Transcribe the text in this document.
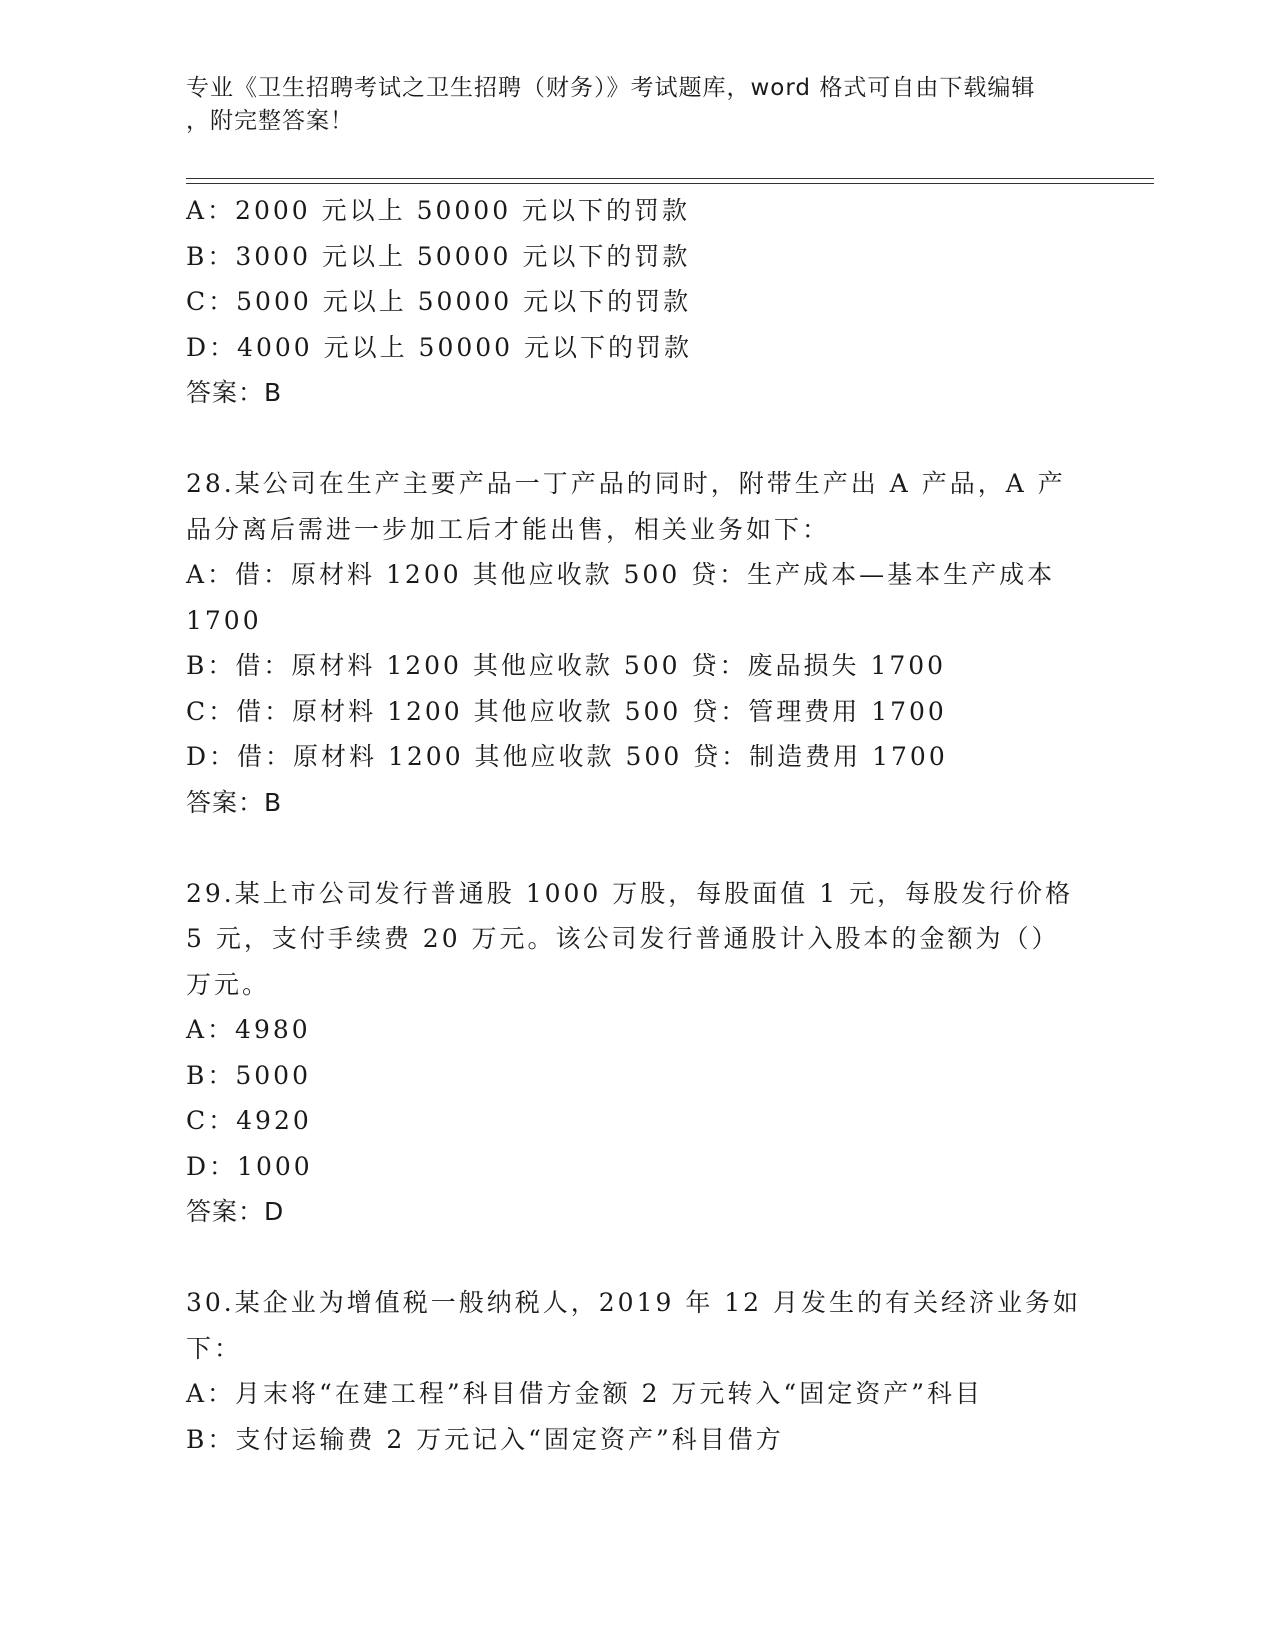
专业《卫生招聘考试之卫生招聘（财务）》考试题库，word 格式可自由下载编辑
，附完整答案！
A：2000 元以上 50000 元以下的罚款
B：3000 元以上 50000 元以下的罚款
C：5000 元以上 50000 元以下的罚款
D：4000 元以上 50000 元以下的罚款
答案：B
28.某公司在生产主要产品一丁产品的同时，附带生产出 A 产品，A 产
品分离后需进一步加工后才能出售，相关业务如下：
A：借：原材料 1200 其他应收款 500 贷：生产成本—基本生产成本
1700
B：借：原材料 1200 其他应收款 500 贷：废品损失 1700
C：借：原材料 1200 其他应收款 500 贷：管理费用 1700
D：借：原材料 1200 其他应收款 500 贷：制造费用 1700
答案：B
29.某上市公司发行普通股 1000 万股，每股面值 1 元，每股发行价格
5 元，支付手续费 20 万元。该公司发行普通股计入股本的金额为（）
万元。
A：4980
B：5000
C：4920
D：1000
答案：D
30.某企业为增值税一般纳税人，2019 年 12 月发生的有关经济业务如
下：
A：月末将“在建工程”科目借方金额 2 万元转入“固定资产”科目
B：支付运输费 2 万元记入“固定资产”科目借方
